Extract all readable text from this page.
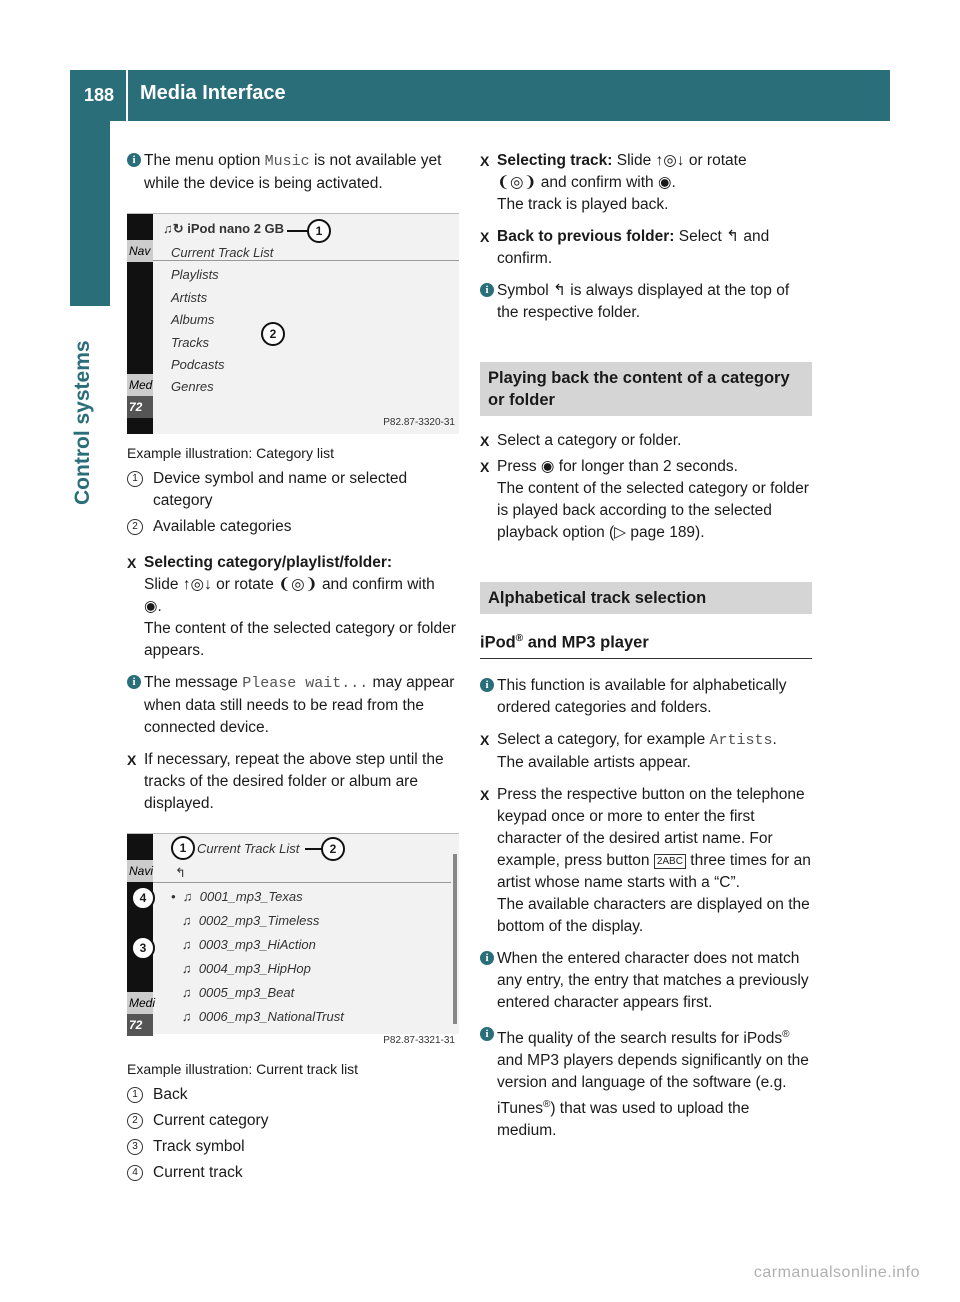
188 Media Interface
Control systems
i The menu option Music is not available yet while the device is being activated.
Nav
Med
72
♫↻ iPod nano 2 GB
Current Track List
Playlists
Artists
Albums
Tracks
Podcasts
Genres
1
2
P82.87-3320-31
Example illustration: Category list
1 Device symbol and name or selected category
2 Available categories
X Selecting category/playlist/folder:
Slide ↑◎↓ or rotate ❨◎❩ and confirm with
◉.
The content of the selected category or folder appears.
i The message Please wait... may appear when data still needs to be read from the connected device.
X If necessary, repeat the above step until the tracks of the desired folder or album are displayed.
Navi
Medi
72
Current Track List
↰
•  ♫  0001_mp3_Texas
♫  0002_mp3_Timeless
♫  0003_mp3_HiAction
♫  0004_mp3_HipHop
♫  0005_mp3_Beat
♫  0006_mp3_NationalTrust
1	2
3
4
P82.87-3321-31
Example illustration: Current track list
1 Back
2 Current category
3 Track symbol
4 Current track
X Selecting track: Slide ↑◎↓ or rotate
❨◎❩ and confirm with ◉.
The track is played back.
X Back to previous folder: Select ↰ and confirm.
i Symbol ↰ is always displayed at the top of the respective folder.
Playing back the content of a category or folder
X Select a category or folder.
X Press ◉ for longer than 2 seconds.
The content of the selected category or folder is played back according to the selected playback option (▷ page 189).
Alphabetical track selection
iPod® and MP3 player
i This function is available for alphabetically ordered categories and folders.
X Select a category, for example Artists.
The available artists appear.
X Press the respective button on the telephone keypad once or more to enter the first character of the desired artist name. For example, press button 2ABC three times for an artist whose name starts with a “C”.
The available characters are displayed on the bottom of the display.
i When the entered character does not match any entry, the entry that matches a previously entered character appears first.
i The quality of the search results for iPods® and MP3 players depends significantly on the version and language of the software (e.g. iTunes®) that was used to upload the medium.
carmanualsonline.info
